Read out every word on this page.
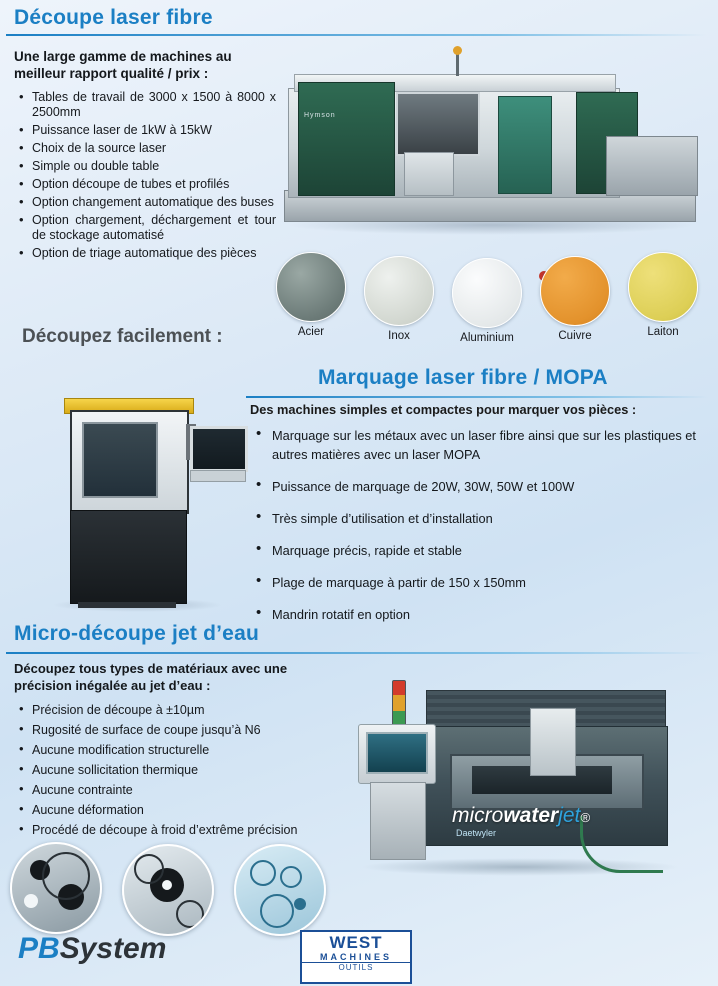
Découpe laser fibre
Une large gamme de machines au meilleur rapport qualité / prix :
• Tables de travail de 3000 x 1500 à 8000 x 2500mm
• Puissance laser de 1kW à 15kW
• Choix de la source laser
• Simple ou double table
• Option découpe de tubes et profilés
• Option changement automatique des buses
• Option chargement, déchargement et tour de stockage automatisé
• Option de triage automatique des pièces
Hymson
Acier	Inox	Aluminium	Cuivre	Laiton
Découpez facilement :
Marquage laser fibre / MOPA
Des machines simples et compactes pour marquer vos pièces :
• Marquage sur les métaux avec un laser fibre ainsi que sur les plastiques et autres matières avec un laser MOPA
• Puissance de marquage de 20W, 30W, 50W et 100W
• Très simple d’utilisation et d’installation
• Marquage précis, rapide et stable
• Plage de marquage à partir de 150 x 150mm
• Mandrin rotatif en option
Micro-découpe jet d’eau
Découpez tous types de matériaux avec une précision inégalée au jet d’eau :
• Précision de découpe à ±10µm
• Rugosité de surface de coupe jusqu’à N6
• Aucune modification structurelle
• Aucune sollicitation thermique
• Aucune contrainte
• Aucune déformation
• Procédé de découpe à froid d’extrême précision
microwaterjet®
Daetwyler
PBSystem	WEST
MACHINES
OUTILS
